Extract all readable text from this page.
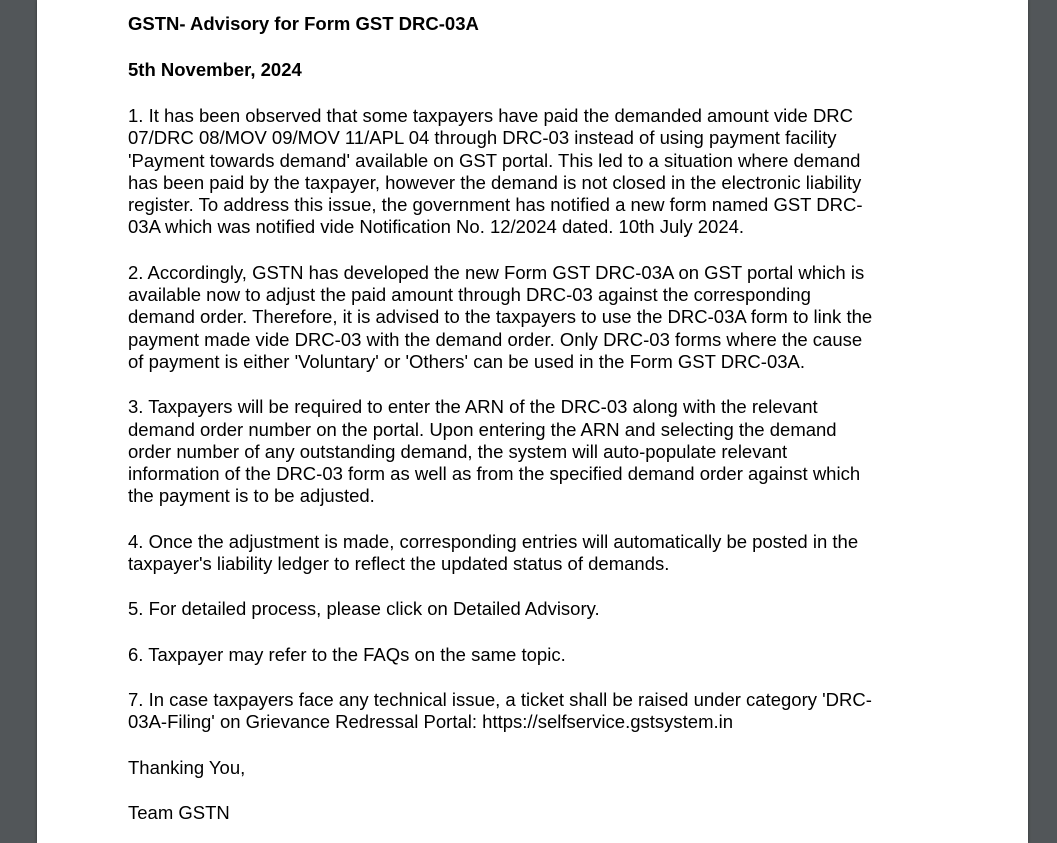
GSTN- Advisory for Form GST DRC-03A
5th November, 2024

1. It has been observed that some taxpayers have paid the demanded amount vide DRC
07/DRC 08/MOV 09/MOV 11/APL 04 through DRC-03 instead of using payment facility
'Payment towards demand' available on GST portal. This led to a situation where demand
has been paid by the taxpayer, however the demand is not closed in the electronic liability
register. To address this issue, the government has notified a new form named GST DRC-
03A which was notified vide Notification No. 12/2024 dated. 10th July 2024.

2. Accordingly, GSTN has developed the new Form GST DRC-03A on GST portal which is
available now to adjust the paid amount through DRC-03 against the corresponding
demand order. Therefore, it is advised to the taxpayers to use the DRC-03A form to link the
payment made vide DRC-03 with the demand order. Only DRC-03 forms where the cause
of payment is either 'Voluntary' or 'Others' can be used in the Form GST DRC-03A.

3. Taxpayers will be required to enter the ARN of the DRC-03 along with the relevant
demand order number on the portal. Upon entering the ARN and selecting the demand
order number of any outstanding demand, the system will auto-populate relevant
information of the DRC-03 form as well as from the specified demand order against which
the payment is to be adjusted.

4. Once the adjustment is made, corresponding entries will automatically be posted in the
taxpayer's liability ledger to reflect the updated status of demands.

5. For detailed process, please click on Detailed Advisory.

6. Taxpayer may refer to the FAQs on the same topic.

7. In case taxpayers face any technical issue, a ticket shall be raised under category 'DRC-
03A-Filing' on Grievance Redressal Portal: https://selfservice.gstsystem.in

Thanking You,

Team GSTN
